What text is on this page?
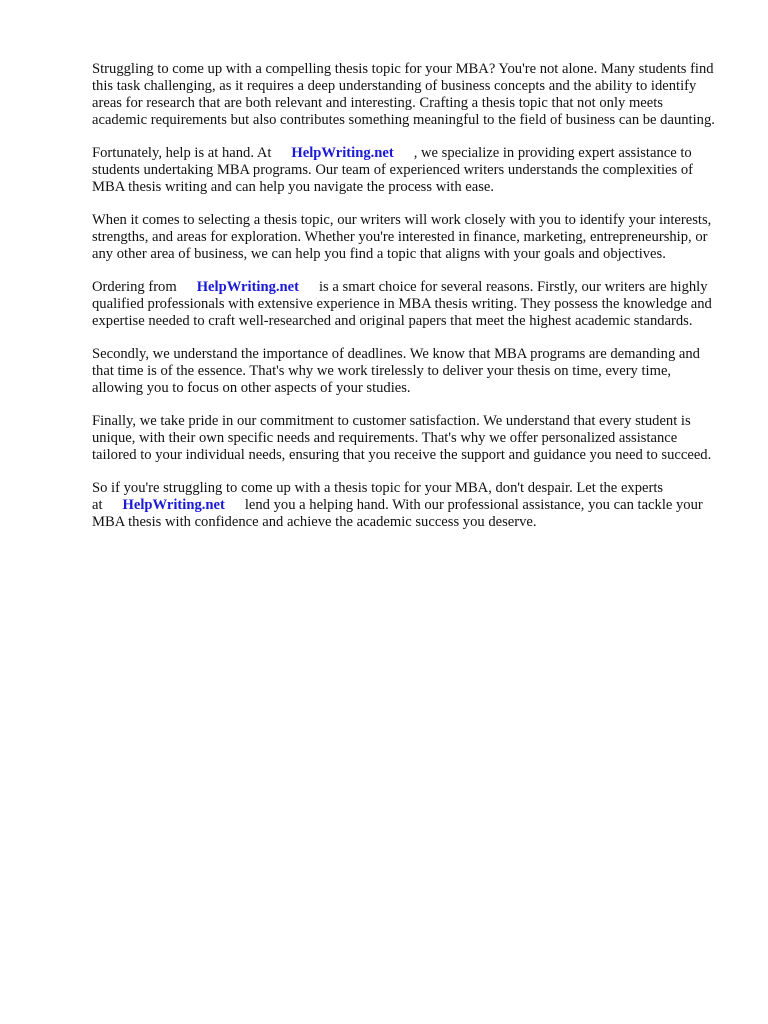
Struggling to come up with a compelling thesis topic for your MBA? You're not alone. Many students find this task challenging, as it requires a deep understanding of business concepts and the ability to identify areas for research that are both relevant and interesting. Crafting a thesis topic that not only meets academic requirements but also contributes something meaningful to the field of business can be daunting.

Fortunately, help is at hand. At HelpWriting.net , we specialize in providing expert assistance to students undertaking MBA programs. Our team of experienced writers understands the complexities of MBA thesis writing and can help you navigate the process with ease.

When it comes to selecting a thesis topic, our writers will work closely with you to identify your interests, strengths, and areas for exploration. Whether you're interested in finance, marketing, entrepreneurship, or any other area of business, we can help you find a topic that aligns with your goals and objectives.

Ordering from HelpWriting.net is a smart choice for several reasons. Firstly, our writers are highly qualified professionals with extensive experience in MBA thesis writing. They possess the knowledge and expertise needed to craft well-researched and original papers that meet the highest academic standards.

Secondly, we understand the importance of deadlines. We know that MBA programs are demanding and that time is of the essence. That's why we work tirelessly to deliver your thesis on time, every time, allowing you to focus on other aspects of your studies.

Finally, we take pride in our commitment to customer satisfaction. We understand that every student is unique, with their own specific needs and requirements. That's why we offer personalized assistance tailored to your individual needs, ensuring that you receive the support and guidance you need to succeed.

So if you're struggling to come up with a thesis topic for your MBA, don't despair. Let the experts at HelpWriting.net lend you a helping hand. With our professional assistance, you can tackle your MBA thesis with confidence and achieve the academic success you deserve.
